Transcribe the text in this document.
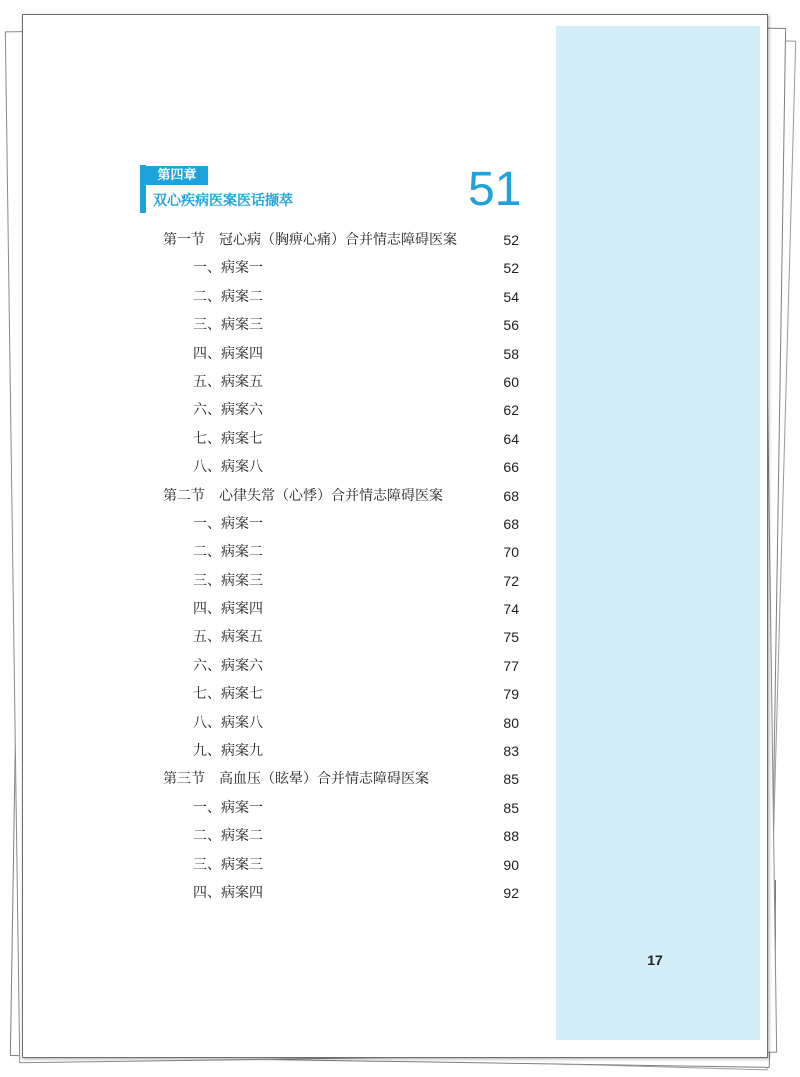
第四章
双心疾病医案医话撷萃	51
第一节 冠心病（胸痹心痛）合并情志障碍医案	52
一、病案一	52
二、病案二	54
三、病案三	56
四、病案四	58
五、病案五	60
六、病案六	62
七、病案七	64
八、病案八	66
第二节 心律失常（心悸）合并情志障碍医案	68
一、病案一	68
二、病案二	70
三、病案三	72
四、病案四	74
五、病案五	75
六、病案六	77
七、病案七	79
八、病案八	80
九、病案九	83
第三节 高血压（眩晕）合并情志障碍医案	85
一、病案一	85
二、病案二	88
三、病案三	90
四、病案四	92
17
